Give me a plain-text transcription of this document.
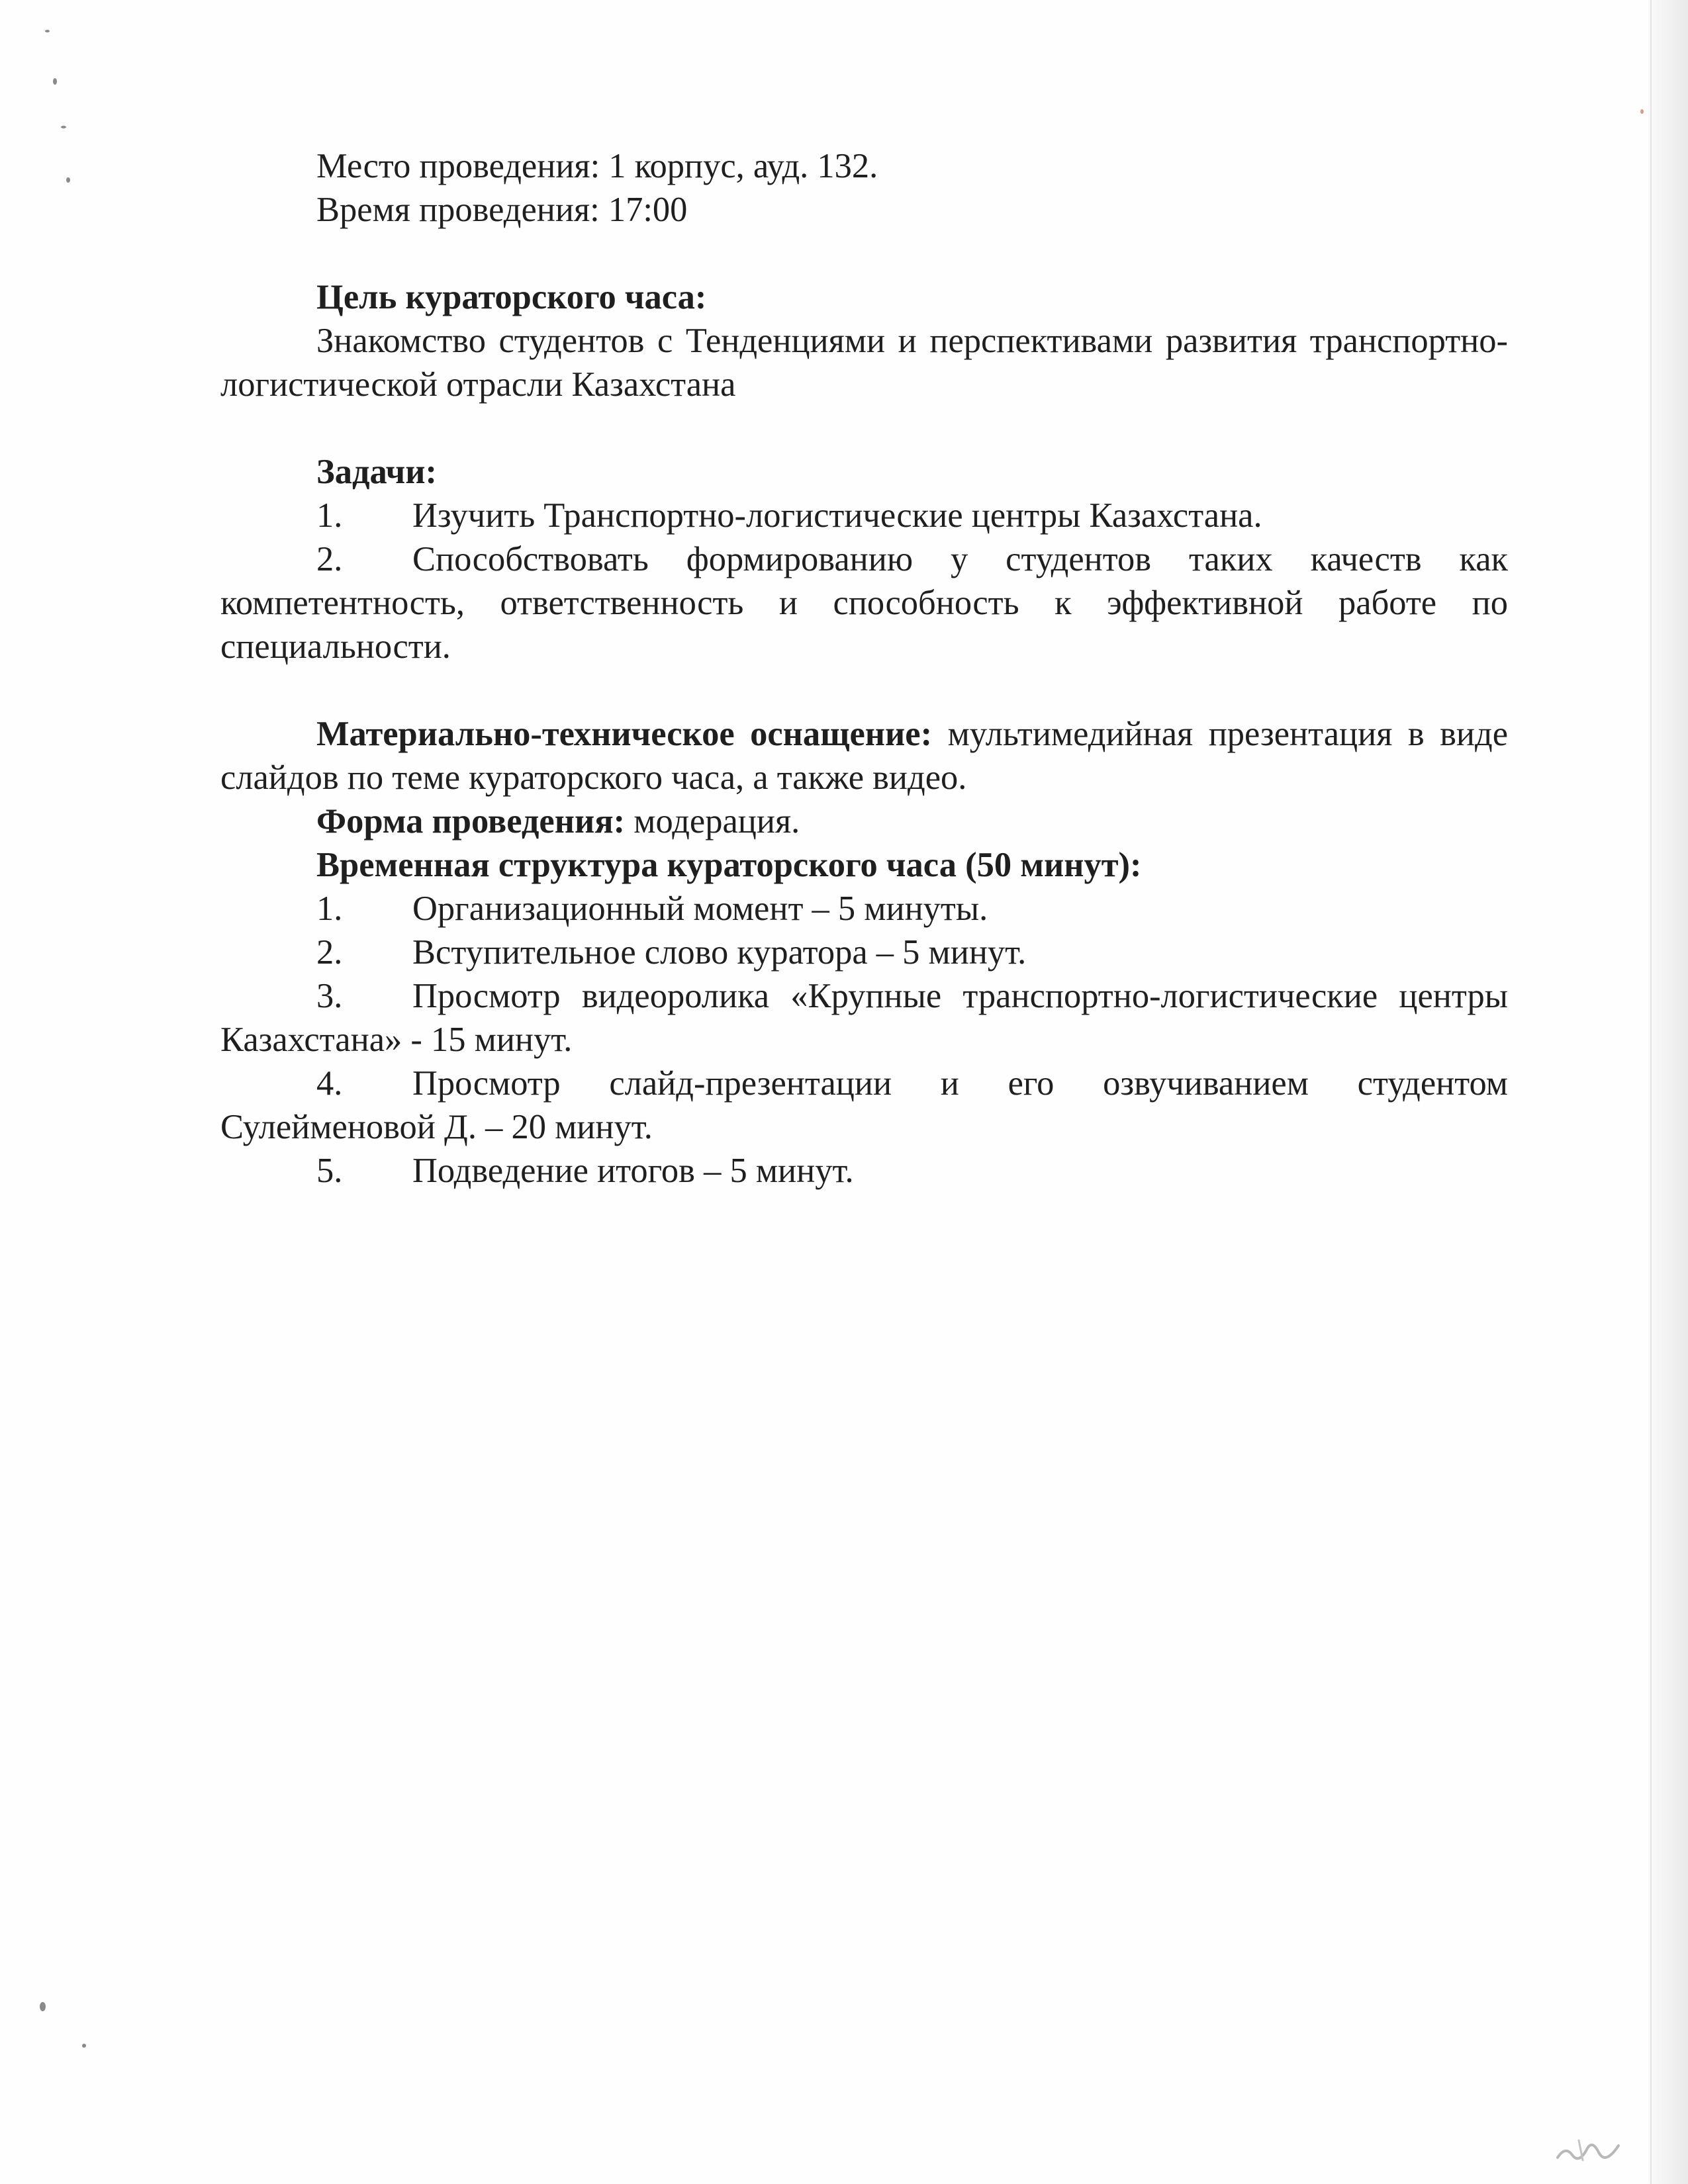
Место проведения: 1 корпус, ауд. 132.

Время проведения: 17:00

Цель кураторского часа:

Знакомство студентов с Тенденциями и перспективами развития транспортно-логистической отрасли Казахстана

Задачи:

1. Изучить Транспортно-логистические центры Казахстана.

2. Способствовать формированию у студентов таких качеств как компетентность, ответственность и способность к эффективной работе по специальности.

Материально-техническое оснащение: мультимедийная презентация в виде слайдов по теме кураторского часа, а также видео.

Форма проведения: модерация.

Временная структура кураторского часа (50 минут):

1. Организационный момент – 5 минуты.

2. Вступительное слово куратора – 5 минут.

3. Просмотр видеоролика «Крупные транспортно-логистические центры Казахстана» - 15 минут.

4. Просмотр слайд-презентации и его озвучиванием студентом Сулейменовой Д. – 20 минут.

5. Подведение итогов – 5 минут.
